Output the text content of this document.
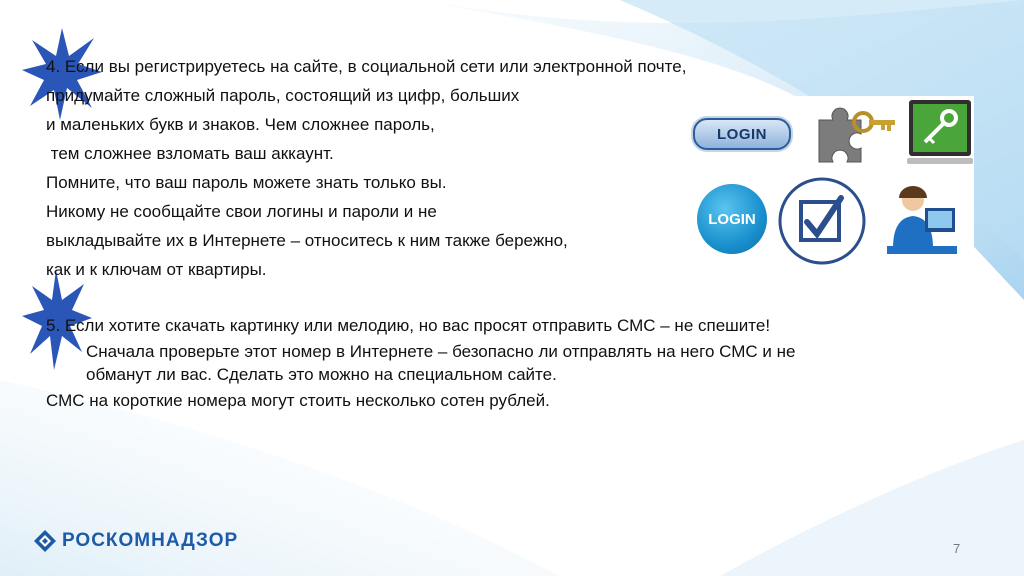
4. Если вы регистрируетесь на сайте, в социальной сети или электронной почте,
придумайте сложный пароль, состоящий из цифр, больших
и маленьких букв и знаков. Чем сложнее пароль,
тем сложнее взломать ваш аккаунт.
Помните, что ваш пароль можете знать только вы.
Никому не сообщайте свои логины и пароли и не
выкладывайте их в Интернете – относитесь к ним также бережно,
как и к ключам от квартиры.
5. Если хотите скачать картинку или мелодию, но вас просят отправить СМС – не спешите!
Сначала проверьте этот номер в Интернете – безопасно ли отправлять на него СМС и не
обманут ли вас. Сделать это можно на специальном сайте.
СМС на короткие номера могут стоить несколько сотен рублей.
LOGIN
LOGIN
РОСКОМНАДЗОР	7
